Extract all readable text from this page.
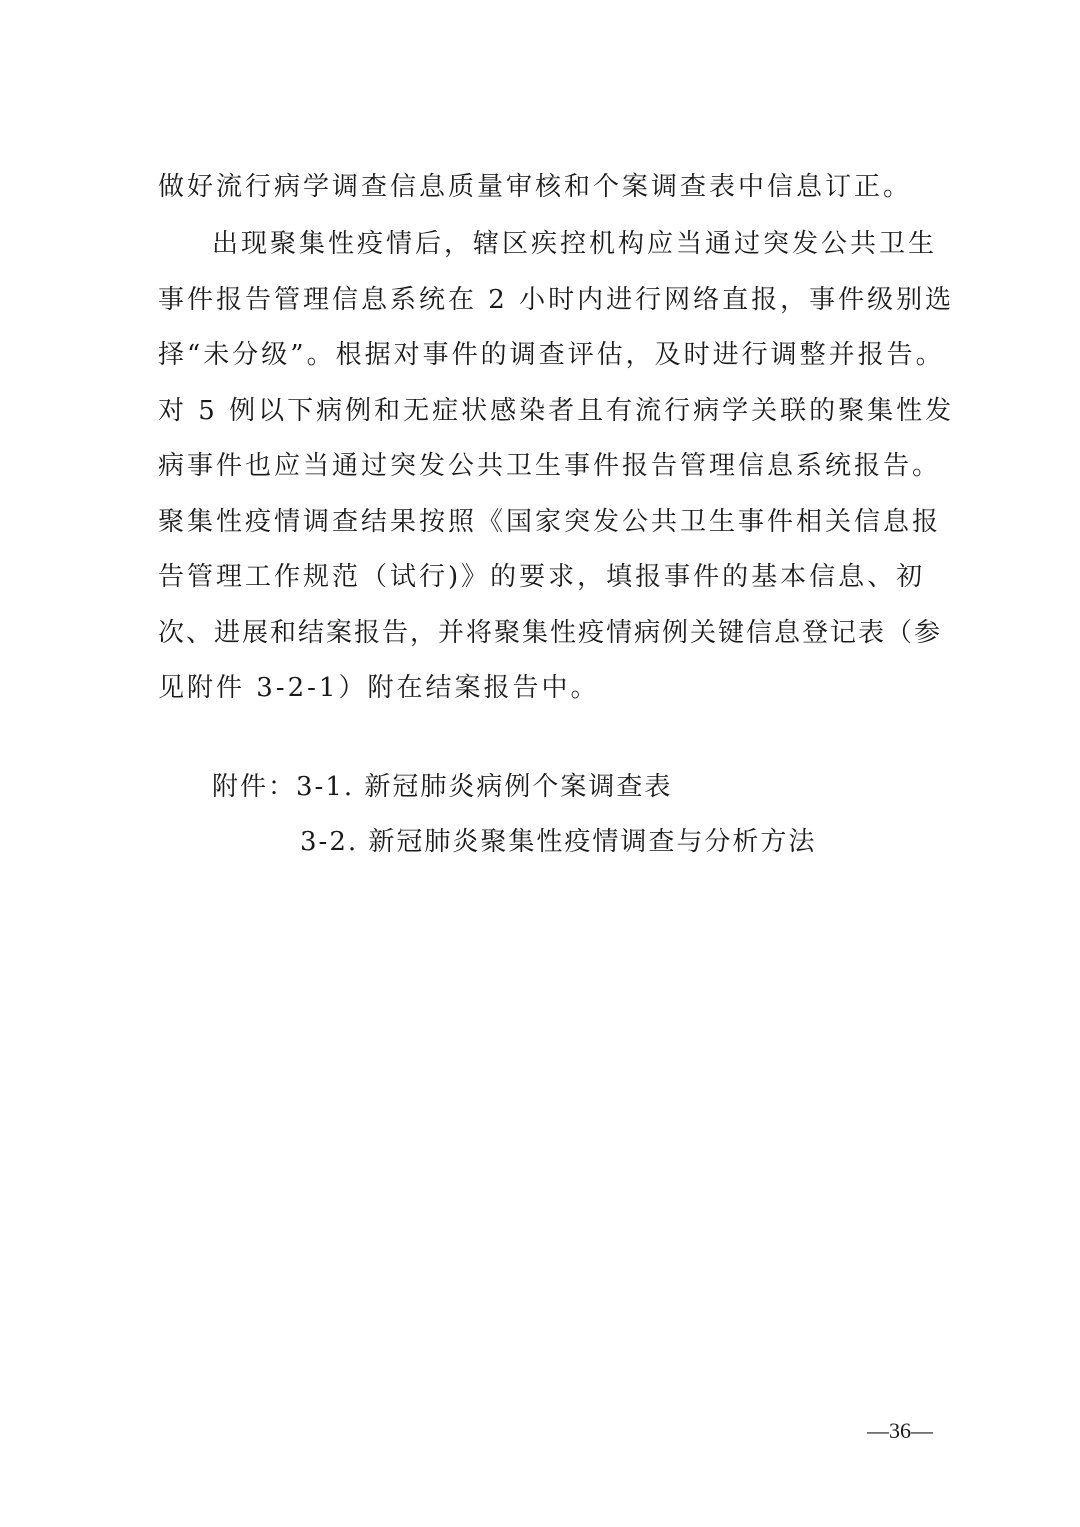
做好流行病学调查信息质量审核和个案调查表中信息订正。
出现聚集性疫情后，辖区疾控机构应当通过突发公共卫生
事件报告管理信息系统在 2 小时内进行网络直报，事件级别选
择“未分级”。根据对事件的调查评估，及时进行调整并报告。
对 5 例以下病例和无症状感染者且有流行病学关联的聚集性发
病事件也应当通过突发公共卫生事件报告管理信息系统报告。
聚集性疫情调查结果按照《国家突发公共卫生事件相关信息报
告管理工作规范（试行)》的要求，填报事件的基本信息、初
次、进展和结案报告，并将聚集性疫情病例关键信息登记表（参
见附件 3-2-1）附在结案报告中。
附件：3-1. 新冠肺炎病例个案调查表
3-2. 新冠肺炎聚集性疫情调查与分析方法
—36—
